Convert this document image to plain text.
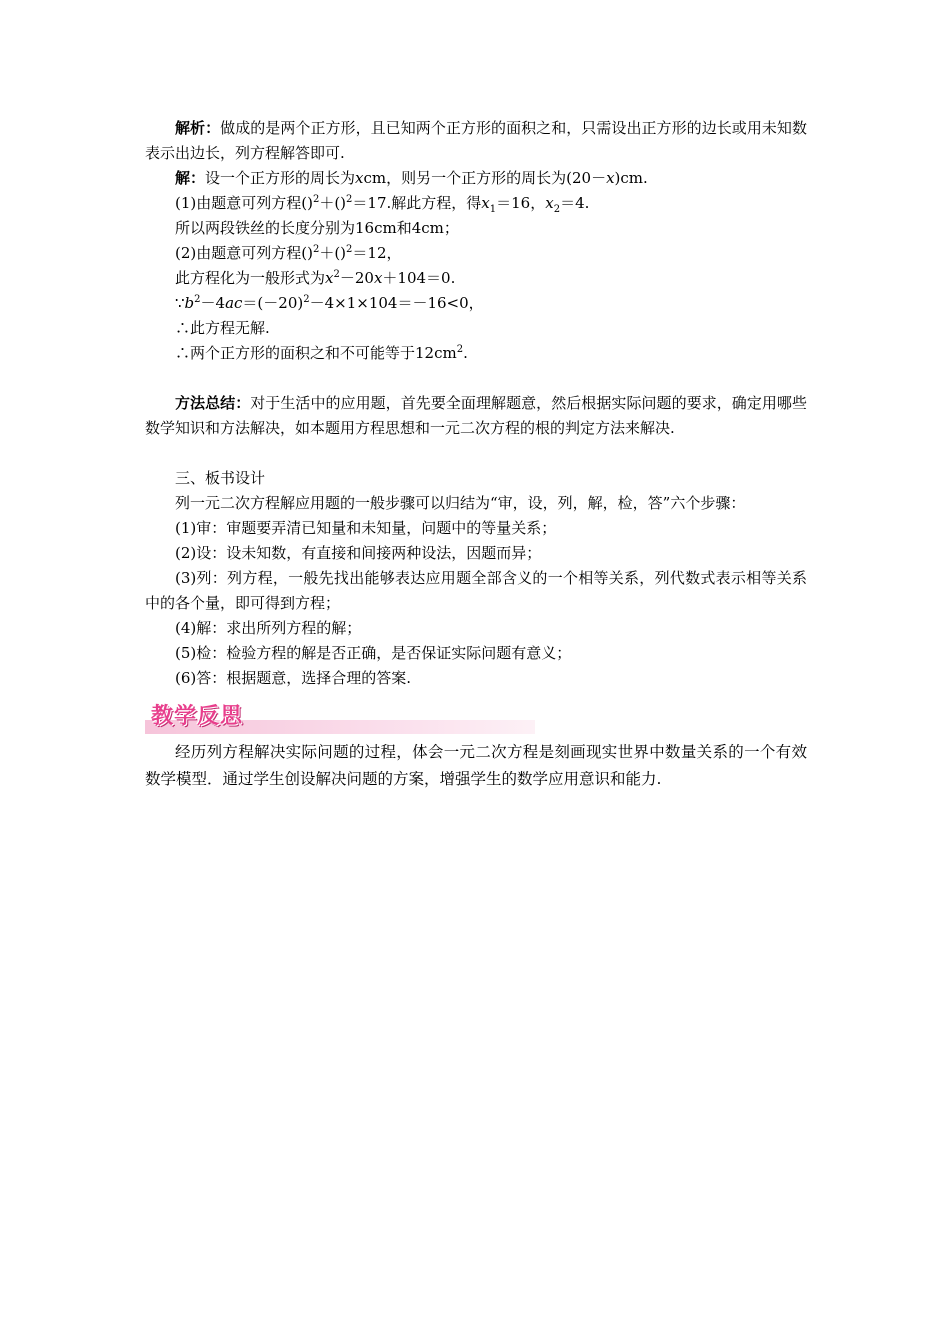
解析：做成的是两个正方形，且已知两个正方形的面积之和，只需设出正方形的边长或用未知数表示出边长，列方程解答即可.

解：设一个正方形的周长为xcm，则另一个正方形的周长为(20－x)cm.

(1)由题意可列方程()$^2$＋()$^2$＝17.解此方程，得$x_1=16$，$x_2=4$.

所以两段铁丝的长度分别为16cm和4cm；

(2)由题意可列方程()$^2$＋()$^2$＝12，

此方程化为一般形式为$x^2-20x+104=0$.

$\because b^2-4ac=(-20)^2-4\times 1\times 104=-16<0$，

∴此方程无解.

∴两个正方形的面积之和不可能等于$12cm^2$.

方法总结：对于生活中的应用题，首先要全面理解题意，然后根据实际问题的要求，确定用哪些数学知识和方法解决，如本题用方程思想和一元二次方程的根的判定方法来解决.

三、板书设计

列一元二次方程解应用题的一般步骤可以归结为“审，设，列，解，检，答”六个步骤：

(1)审：审题要弄清已知量和未知量，问题中的等量关系；

(2)设：设未知数，有直接和间接两种设法，因题而异；

(3)列：列方程，一般先找出能够表达应用题全部含义的一个相等关系，列代数式表示相等关系中的各个量，即可得到方程；

(4)解：求出所列方程的解；

(5)检：检验方程的解是否正确，是否保证实际问题有意义；

(6)答：根据题意，选择合理的答案.

教学反思

经历列方程解决实际问题的过程，体会一元二次方程是刻画现实世界中数量关系的一个有效数学模型．通过学生创设解决问题的方案，增强学生的数学应用意识和能力.
